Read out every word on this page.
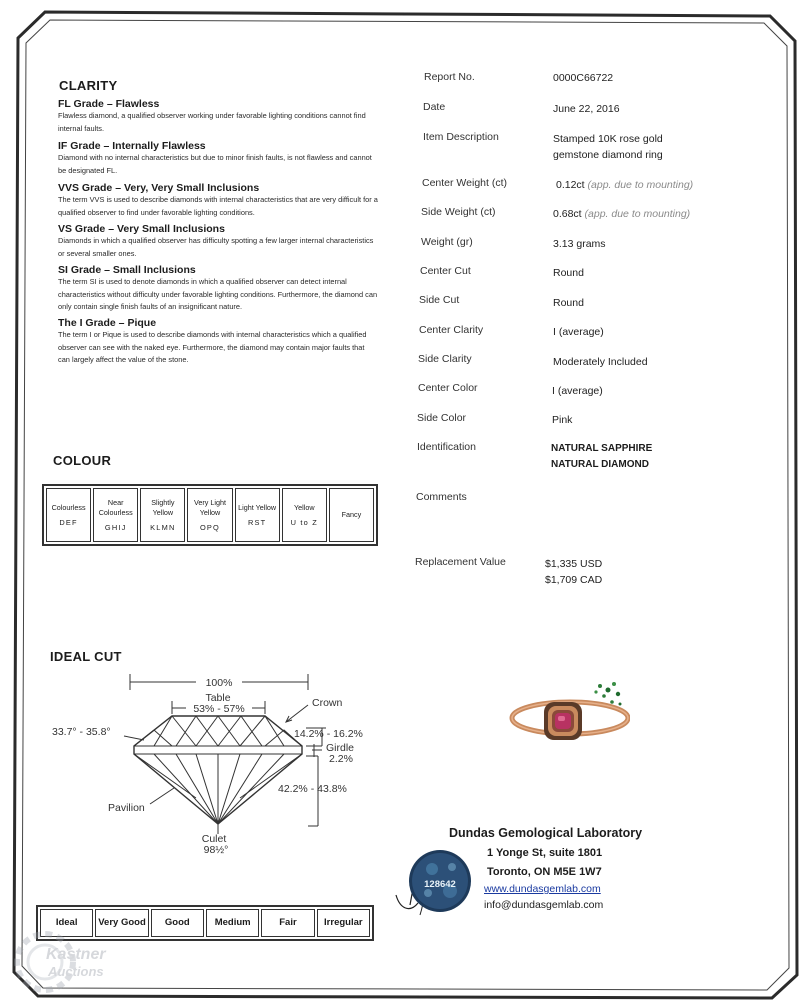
CLARITY
FL Grade – Flawless
Flawless diamond, a qualified observer working under favorable lighting conditions cannot find internal faults.
IF Grade – Internally Flawless
Diamond with no internal characteristics but due to minor finish faults, is not flawless and cannot be designated FL.
VVS Grade – Very, Very Small Inclusions
The term VVS is used to describe diamonds with internal characteristics that are very difficult for a qualified observer to find under favorable lighting conditions.
VS Grade – Very Small Inclusions
Diamonds in which a qualified observer has difficulty spotting a few larger internal characteristics or several smaller ones.
SI Grade – Small Inclusions
The term SI is used to denote diamonds in which a qualified observer can detect internal characteristics without difficulty under favorable lighting conditions. Furthermore, the diamond can only contain single finish faults of an insignificant nature.
The I Grade – Pique
The term I or Pique is used to describe diamonds with internal characteristics which a qualified observer can see with the naked eye. Furthermore, the diamond may contain major faults that can largely affect the value of the stone.
COLOUR
Colourless
DEF
Near Colourless
GHIJ
Slightly Yellow
KLMN
Very Light Yellow
OPQ
Light Yellow
RST
Yellow
U to Z
Fancy
IDEAL CUT
100%
Table
53% - 57%	Crown
33.7° - 35.8°	14.2% - 16.2%
Girdle
2.2%
42.2% - 43.8%
Pavilion
Culet
98½°
Ideal	Very Good	Good	Medium	Fair	Irregular
Report No.	0000C66722
Date	June 22, 2016
Item Description	Stamped 10K rose gold
gemstone diamond ring
Center Weight (ct)	0.12ct (app. due to mounting)
Side Weight (ct)	0.68ct (app. due to mounting)
Weight (gr)	3.13 grams
Center Cut	Round
Side Cut	Round
Center Clarity	I (average)
Side Clarity	Moderately Included
Center Color	I (average)
Side Color	Pink
Identification	NATURAL SAPPHIRE
NATURAL DIAMOND
Comments
Replacement Value	$1,335 USD
$1,709 CAD
Dundas Gemological Laboratory
1 Yonge St, suite 1801
Toronto, ON M5E 1W7
www.dundasgemlab.com
info@dundasgemlab.com
128642
Kastner
Auctions
